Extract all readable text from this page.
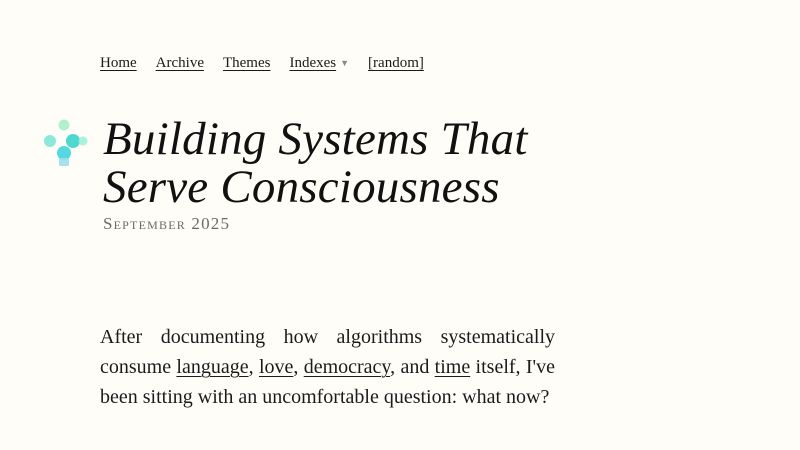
Home Archive Themes Indexes ▼ [random]
Building Systems That Serve Consciousness
September 2025

After documenting how algorithms systematically consume language, love, democracy, and time itself, I've been sitting with an uncomfortable question: what now?
